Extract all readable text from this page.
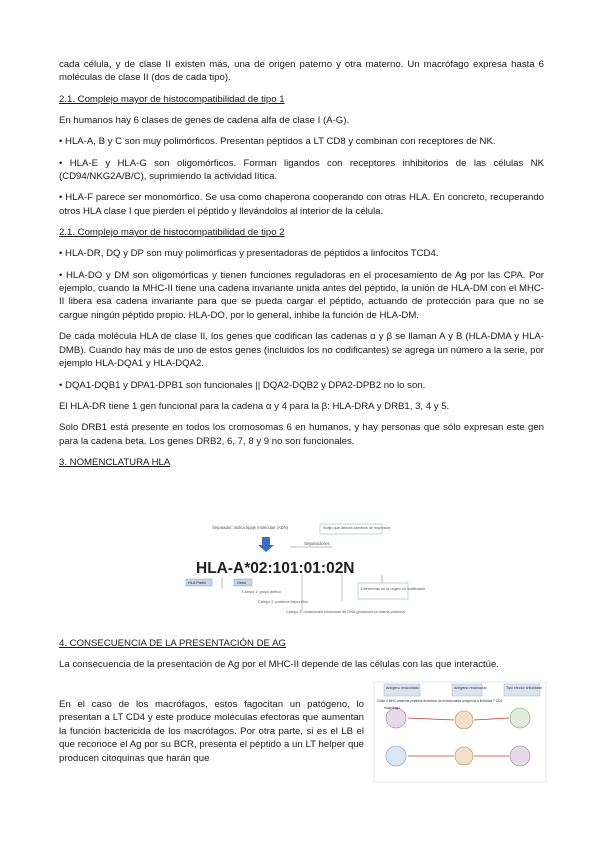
cada célula, y de clase II existen más, una de origen paterno y otra materno. Un macrófago expresa hasta 6 moléculas de clase II (dos de cada tipo).

2.1. Complejo mayor de histocompatibilidad de tipo 1

En humanos hay 6 clases de genes de cadena alfa de clase I (A-G).

• HLA-A, B y C son muy polimórficos. Presentan péptidos a LT CD8 y combinan con receptores de NK.

• HLA-E y HLA-G son oligomórficos. Forman ligandos con receptores inhibitorios de las células NK (CD94/NKG2A/B/C), suprimiendo la actividad lítica.

• HLA-F parece ser monomórfico. Se usa como chaperona cooperando con otras HLA. En concreto, recuperando otros HLA clase I que pierden el péptido y llevándolos al interior de la célula.

2.1. Complejo mayor de histocompatibilidad de tipo 2

• HLA-DR, DQ y DP son muy polimórficas y presentadoras de péptidos a linfocitos TCD4.

• HLA-DO y DM son oligomórficas y tienen funciones reguladoras en el procesamiento de Ag por las CPA. Por ejemplo, cuando la MHC-II tiene una cadena invariante unida antes del péptido, la unión de HLA-DM con el MHC-II libera esa cadena invariante para que se pueda cargar el péptido, actuando de protección para que no se cargue ningún péptido propio. HLA-DO, por lo general, inhibe la función de HLA-DM.

De cada molécula HLA de clase II, los genes que codifican las cadenas α y β se llaman A y B (HLA-DMA y HLA-DMB). Cuando hay más de uno de estos genes (incluidos los no codificantes) se agrega un número a la serie, por ejemplo HLA-DQA1 y HLA-DQA2.

• DQA1-DQB1 y DPA1-DPB1 son funcionales || DQA2-DQB2 y DPA2-DPB2 no lo son.

El HLA-DR tiene 1 gen funcional para la cadena α y 4 para la β: HLA-DRA y DRB1, 3, 4 y 5.

Solo DRB1 está presente en todos los cromosomas 6 en humanos, y hay personas que sólo expresan este gen para la cadena beta. Los genes DRB2, 6, 7, 8 y 9 no son funcionales.

3. NOMENCLATURA HLA

Separador: indica tipaje molecular (ADN)	Sufijo que denota cambios de expresión
Separadores
HLA-A*02:101:01:02N
HLA Prefix	Gene
Campo 1: grupo alélico
Campo 2: proteína específica
Campo 3: mutaciones sinónimas de DNA (producen la misma proteína
Diferencias en la región no codificante

4. CONSECUENCIA DE LA PRESENTACIÓN DE AG

La consecuencia de la presentación de Ag por el MHC-II depende de las células con las que interactúe.

En el caso de los macrófagos, estos fagocitan un patógeno, lo presentan a LT CD4 y este produce moléculas efectoras que aumentan la función bactericida de los macrófagos. Por otra parte, si es el LB el que reconoce el Ag por su BCR, presenta el péptido a un LT helper que producen citoquinas que harán que

Antígeno endocitado	Antígeno reconocido	Tipo efector linfocitario
Clase II MHC-presenta péptidos derivados de endosomales antígenos a linfocitos T CD4
macrófago
